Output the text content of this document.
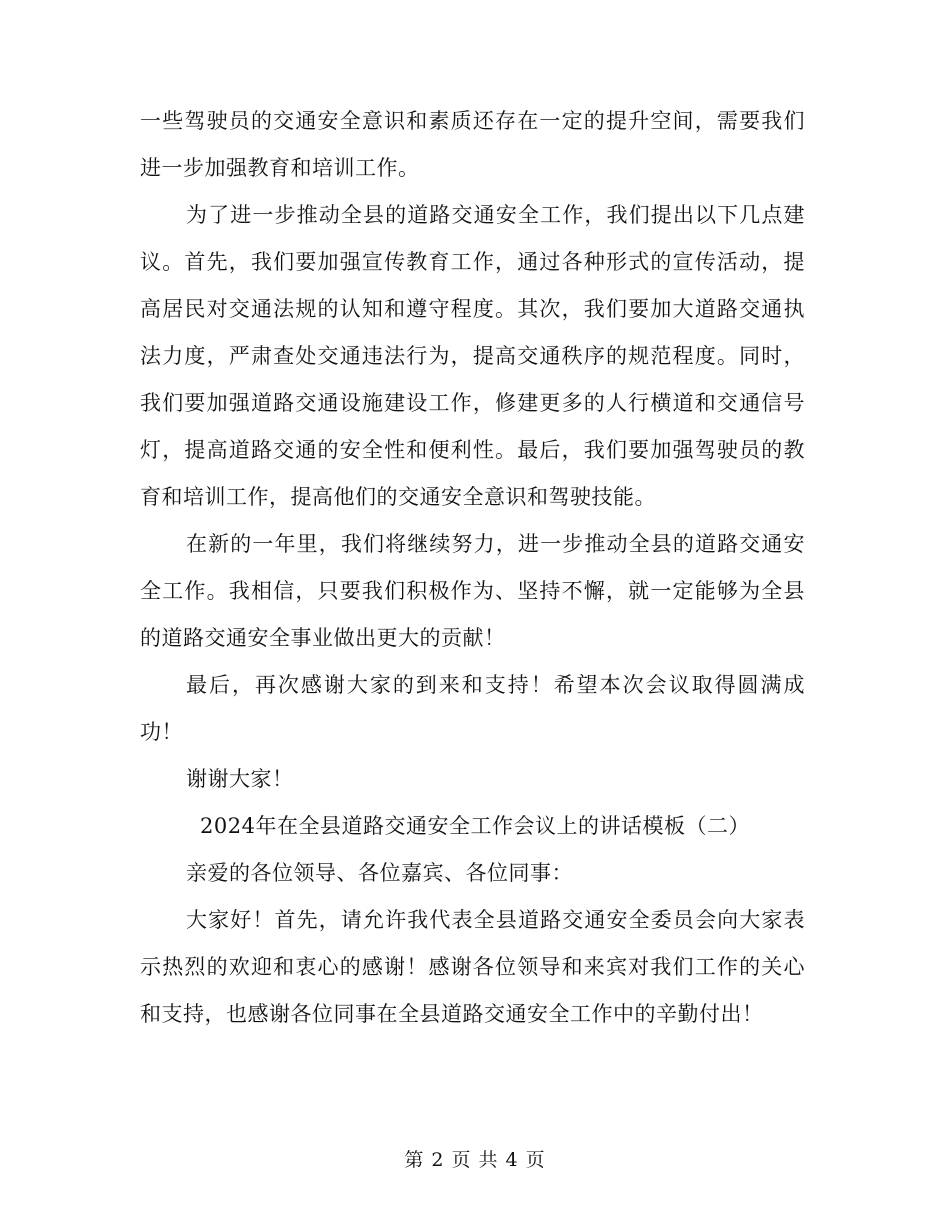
一些驾驶员的交通安全意识和素质还存在一定的提升空间，需要我们进一步加强教育和培训工作。

为了进一步推动全县的道路交通安全工作，我们提出以下几点建议。首先，我们要加强宣传教育工作，通过各种形式的宣传活动，提高居民对交通法规的认知和遵守程度。其次，我们要加大道路交通执法力度，严肃查处交通违法行为，提高交通秩序的规范程度。同时，我们要加强道路交通设施建设工作，修建更多的人行横道和交通信号灯，提高道路交通的安全性和便利性。最后，我们要加强驾驶员的教育和培训工作，提高他们的交通安全意识和驾驶技能。

在新的一年里，我们将继续努力，进一步推动全县的道路交通安全工作。我相信，只要我们积极作为、坚持不懈，就一定能够为全县的道路交通安全事业做出更大的贡献！

最后，再次感谢大家的到来和支持！希望本次会议取得圆满成功！

谢谢大家！

2024年在全县道路交通安全工作会议上的讲话模板（二）

亲爱的各位领导、各位嘉宾、各位同事：

大家好！首先，请允许我代表全县道路交通安全委员会向大家表示热烈的欢迎和衷心的感谢！感谢各位领导和来宾对我们工作的关心和支持，也感谢各位同事在全县道路交通安全工作中的辛勤付出！

第 2 页 共 4 页
